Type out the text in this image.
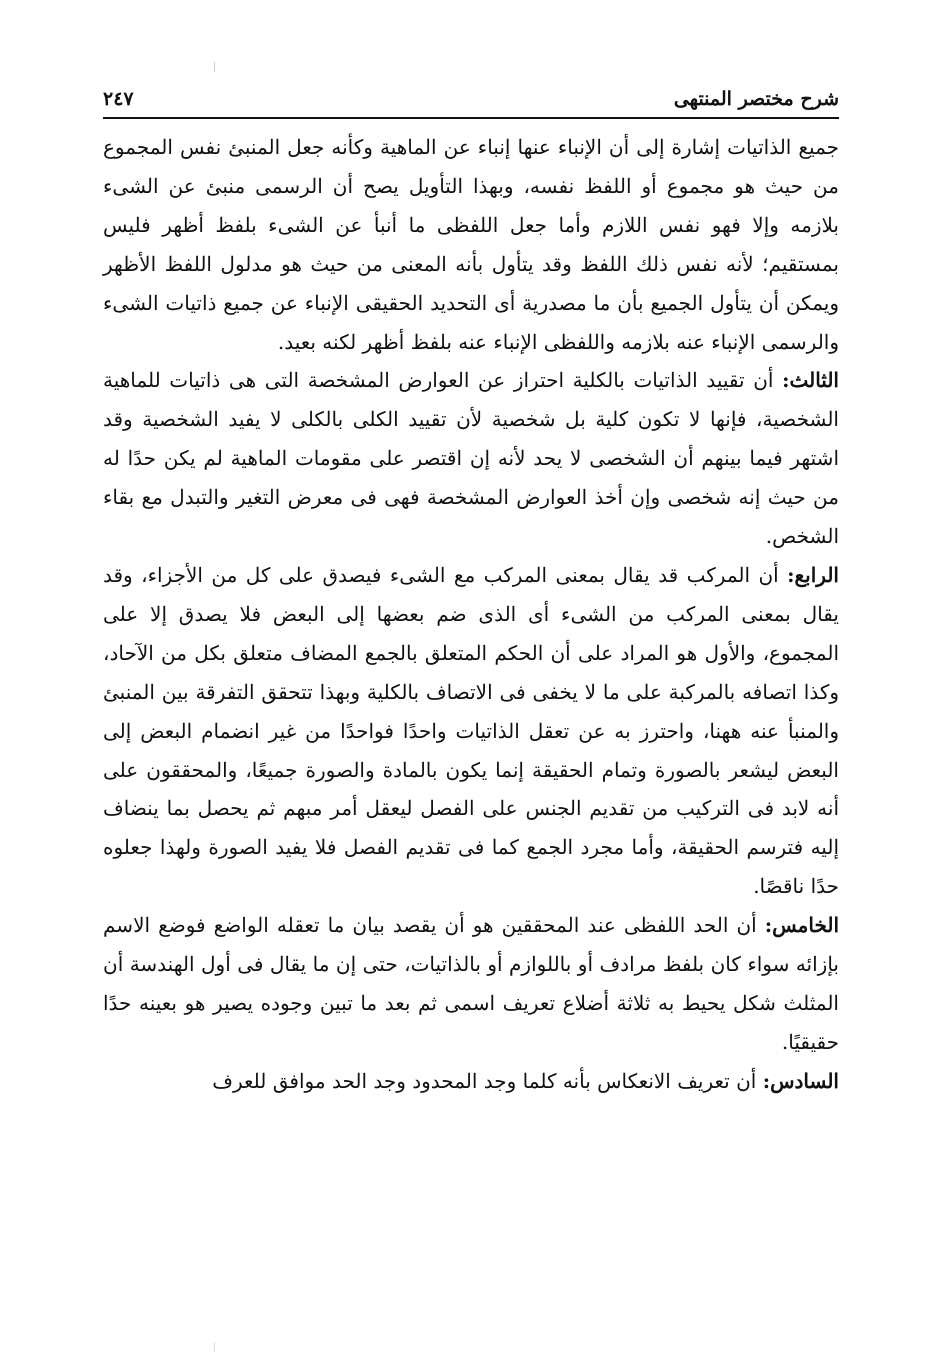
شرح مختصر المنتهى
٢٤٧

جميع الذاتيات إشارة إلى أن الإنباء عنها إنباء عن الماهية وكأنه جعل المنبئ نفس المجموع من حيث هو مجموع أو اللفظ نفسه، وبهذا التأويل يصح أن الرسمى منبئ عن الشىء بلازمه وإلا فهو نفس اللازم وأما جعل اللفظى ما أنبأ عن الشىء بلفظ أظهر فليس بمستقيم؛ لأنه نفس ذلك اللفظ وقد يتأول بأنه المعنى من حيث هو مدلول اللفظ الأظهر ويمكن أن يتأول الجميع بأن ما مصدرية أى التحديد الحقيقى الإنباء عن جميع ذاتيات الشىء والرسمى الإنباء عنه بلازمه واللفظى الإنباء عنه بلفظ أظهر لكنه بعيد.

الثالث: أن تقييد الذاتيات بالكلية احتراز عن العوارض المشخصة التى هى ذاتيات للماهية الشخصية، فإنها لا تكون كلية بل شخصية لأن تقييد الكلى بالكلى لا يفيد الشخصية وقد اشتهر فيما بينهم أن الشخصى لا يحد لأنه إن اقتصر على مقومات الماهية لم يكن حدًا له من حيث إنه شخصى وإن أخذ العوارض المشخصة فهى فى معرض التغير والتبدل مع بقاء الشخص.

الرابع: أن المركب قد يقال بمعنى المركب مع الشىء فيصدق على كل من الأجزاء، وقد يقال بمعنى المركب من الشىء أى الذى ضم بعضها إلى البعض فلا يصدق إلا على المجموع، والأول هو المراد على أن الحكم المتعلق بالجمع المضاف متعلق بكل من الآحاد، وكذا اتصافه بالمركبة على ما لا يخفى فى الاتصاف بالكلية وبهذا تتحقق التفرقة بين المنبئ والمنبأ عنه ههنا، واحترز به عن تعقل الذاتيات واحدًا فواحدًا من غير انضمام البعض إلى البعض ليشعر بالصورة وتمام الحقيقة إنما يكون بالمادة والصورة جميعًا، والمحققون على أنه لابد فى التركيب من تقديم الجنس على الفصل ليعقل أمر مبهم ثم يحصل بما ينضاف إليه فترسم الحقيقة، وأما مجرد الجمع كما فى تقديم الفصل فلا يفيد الصورة ولهذا جعلوه حدًا ناقصًا.

الخامس: أن الحد اللفظى عند المحققين هو أن يقصد بيان ما تعقله الواضع فوضع الاسم بإزائه سواء كان بلفظ مرادف أو باللوازم أو بالذاتيات، حتى إن ما يقال فى أول الهندسة أن المثلث شكل يحيط به ثلاثة أضلاع تعريف اسمى ثم بعد ما تبين وجوده يصير هو بعينه حدًا حقيقيًا.

السادس: أن تعريف الانعكاس بأنه كلما وجد المحدود وجد الحد موافق للعرف
